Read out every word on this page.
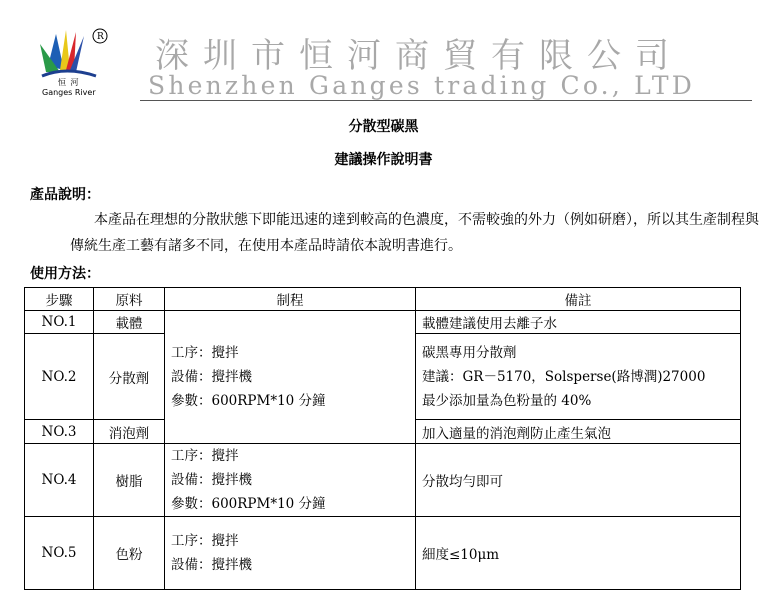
R
恒 河
Ganges River
深圳市恒河商貿有限公司
Shenzhen Ganges trading Co., LTD
分散型碳黑
建議操作說明書
產品說明：
本產品在理想的分散狀態下即能迅速的達到較高的色濃度，不需較強的外力（例如研磨），所以其生產制程與傳統生產工藝有諸多不同，在使用本產品時請依本說明書進行。
使用方法：
步驟	原料	制程	備註
NO.1	載體	工序：攪拌
設備：攪拌機
參數：600RPM*10 分鐘	載體建議使用去離子水
NO.2	分散劑		碳黑專用分散劑
建議：GR－5170，Solsperse(路博潤)27000
最少添加量為色粉量的 40%

NO.3	消泡劑		加入適量的消泡劑防止產生氣泡
NO.4	樹脂	工序：攪拌
設備：攪拌機
參數：600RPM*10 分鐘	分散均勻即可
NO.5	色粉	工序：攪拌
設備：攪拌機	細度≤10μm
